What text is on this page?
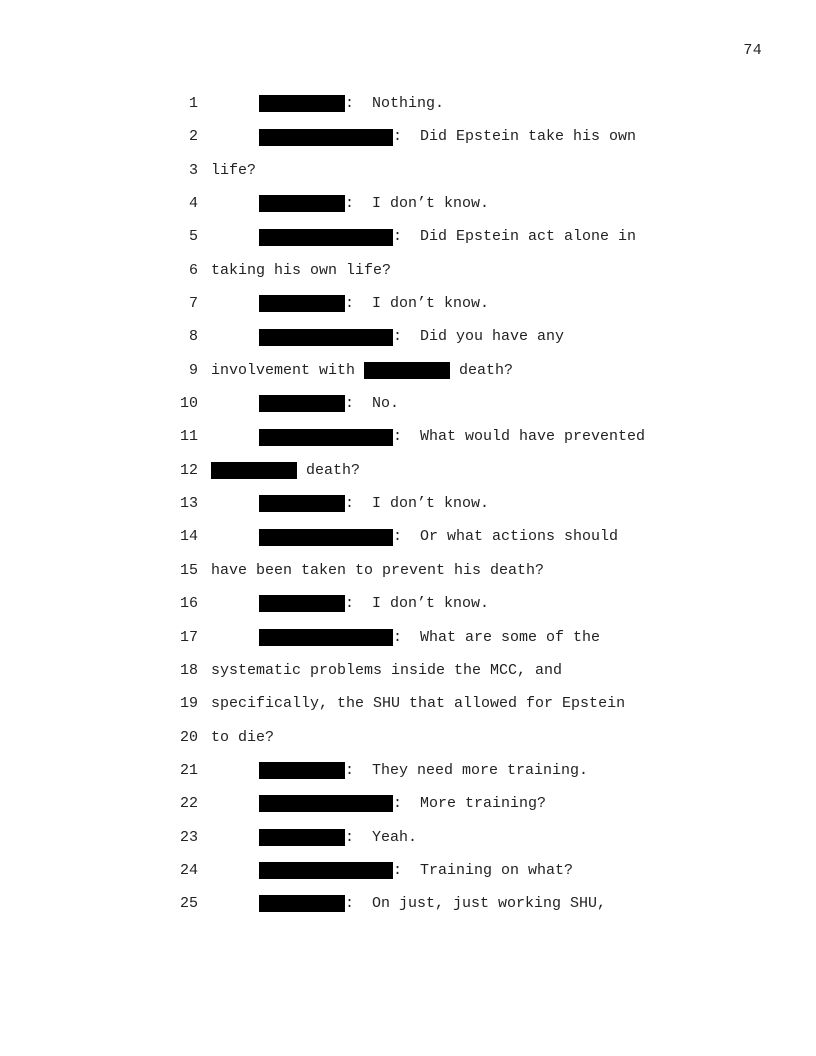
74
1	:  Nothing.
2	:  Did Epstein take his own
3 life?
4	:  I don’t know.
5	:  Did Epstein act alone in
6 taking his own life?
7	:  I don’t know.
8	:  Did you have any
9 involvement with	death?
10	:  No.
11	:  What would have prevented
12	death?
13	:  I don’t know.
14	:  Or what actions should
15 have been taken to prevent his death?
16	:  I don’t know.
17	:  What are some of the
18 systematic problems inside the MCC, and
19 specifically, the SHU that allowed for Epstein
20 to die?
21	:  They need more training.
22	:  More training?
23	:  Yeah.
24	:  Training on what?
25	:  On just, just working SHU,
